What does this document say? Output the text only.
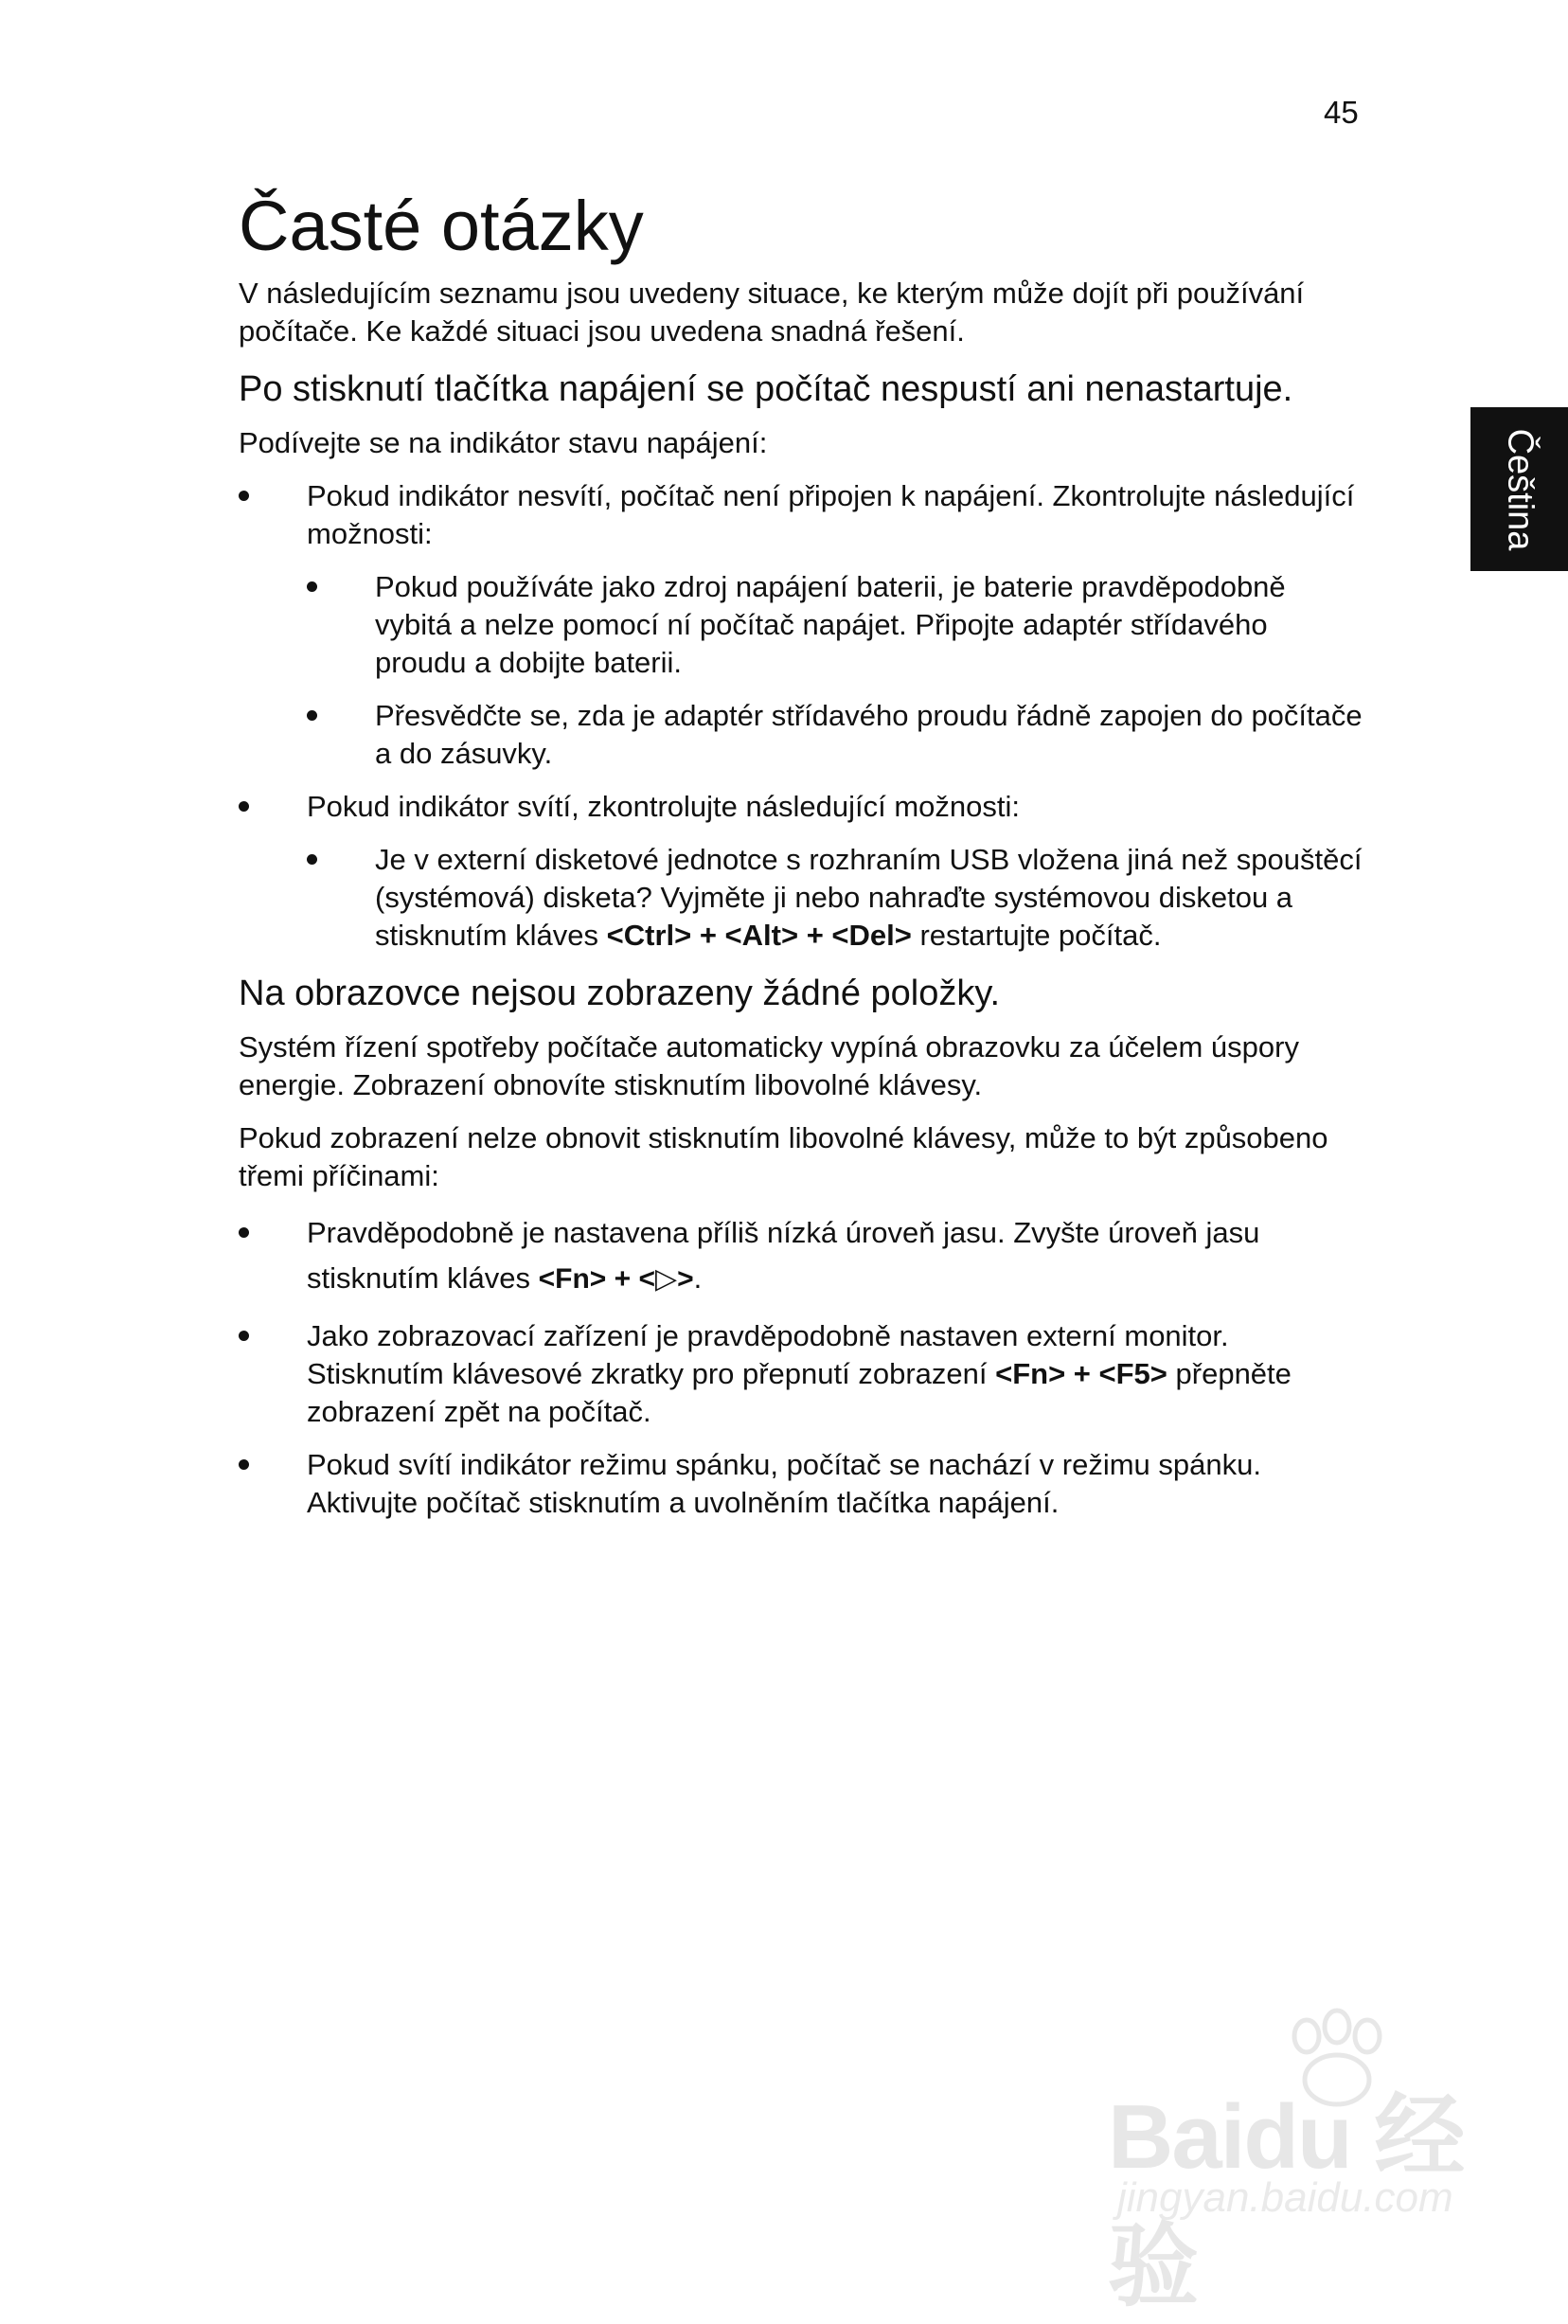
45
Čeština
Časté otázky

V následujícím seznamu jsou uvedeny situace, ke kterým může dojít při používání počítače. Ke každé situaci jsou uvedena snadná řešení.

Po stisknutí tlačítka napájení se počítač nespustí ani nenastartuje.

Podívejte se na indikátor stavu napájení:

Pokud indikátor nesvítí, počítač není připojen k napájení. Zkontrolujte následující možnosti:
Pokud používáte jako zdroj napájení baterii, je baterie pravděpodobně vybitá a nelze pomocí ní počítač napájet. Připojte adaptér střídavého proudu a dobijte baterii.
Přesvědčte se, zda je adaptér střídavého proudu řádně zapojen do počítače a do zásuvky.
Pokud indikátor svítí, zkontrolujte následující možnosti:
Je v externí disketové jednotce s rozhraním USB vložena jiná než spouštěcí (systémová) disketa? Vyjměte ji nebo nahraďte systémovou disketou a stisknutím kláves <Ctrl> + <Alt> + <Del> restartujte počítač.
Na obrazovce nejsou zobrazeny žádné položky.

Systém řízení spotřeby počítače automaticky vypíná obrazovku za účelem úspory energie. Zobrazení obnovíte stisknutím libovolné klávesy.

Pokud zobrazení nelze obnovit stisknutím libovolné klávesy, může to být způsobeno třemi příčinami:

Pravděpodobně je nastavena příliš nízká úroveň jasu. Zvyšte úroveň jasu stisknutím kláves <Fn> + <▷>.
Jako zobrazovací zařízení je pravděpodobně nastaven externí monitor. Stisknutím klávesové zkratky pro přepnutí zobrazení <Fn> + <F5> přepněte zobrazení zpět na počítač.
Pokud svítí indikátor režimu spánku, počítač se nachází v režimu spánku. Aktivujte počítač stisknutím a uvolněním tlačítka napájení.
Baidu 经验
jingyan.baidu.com
